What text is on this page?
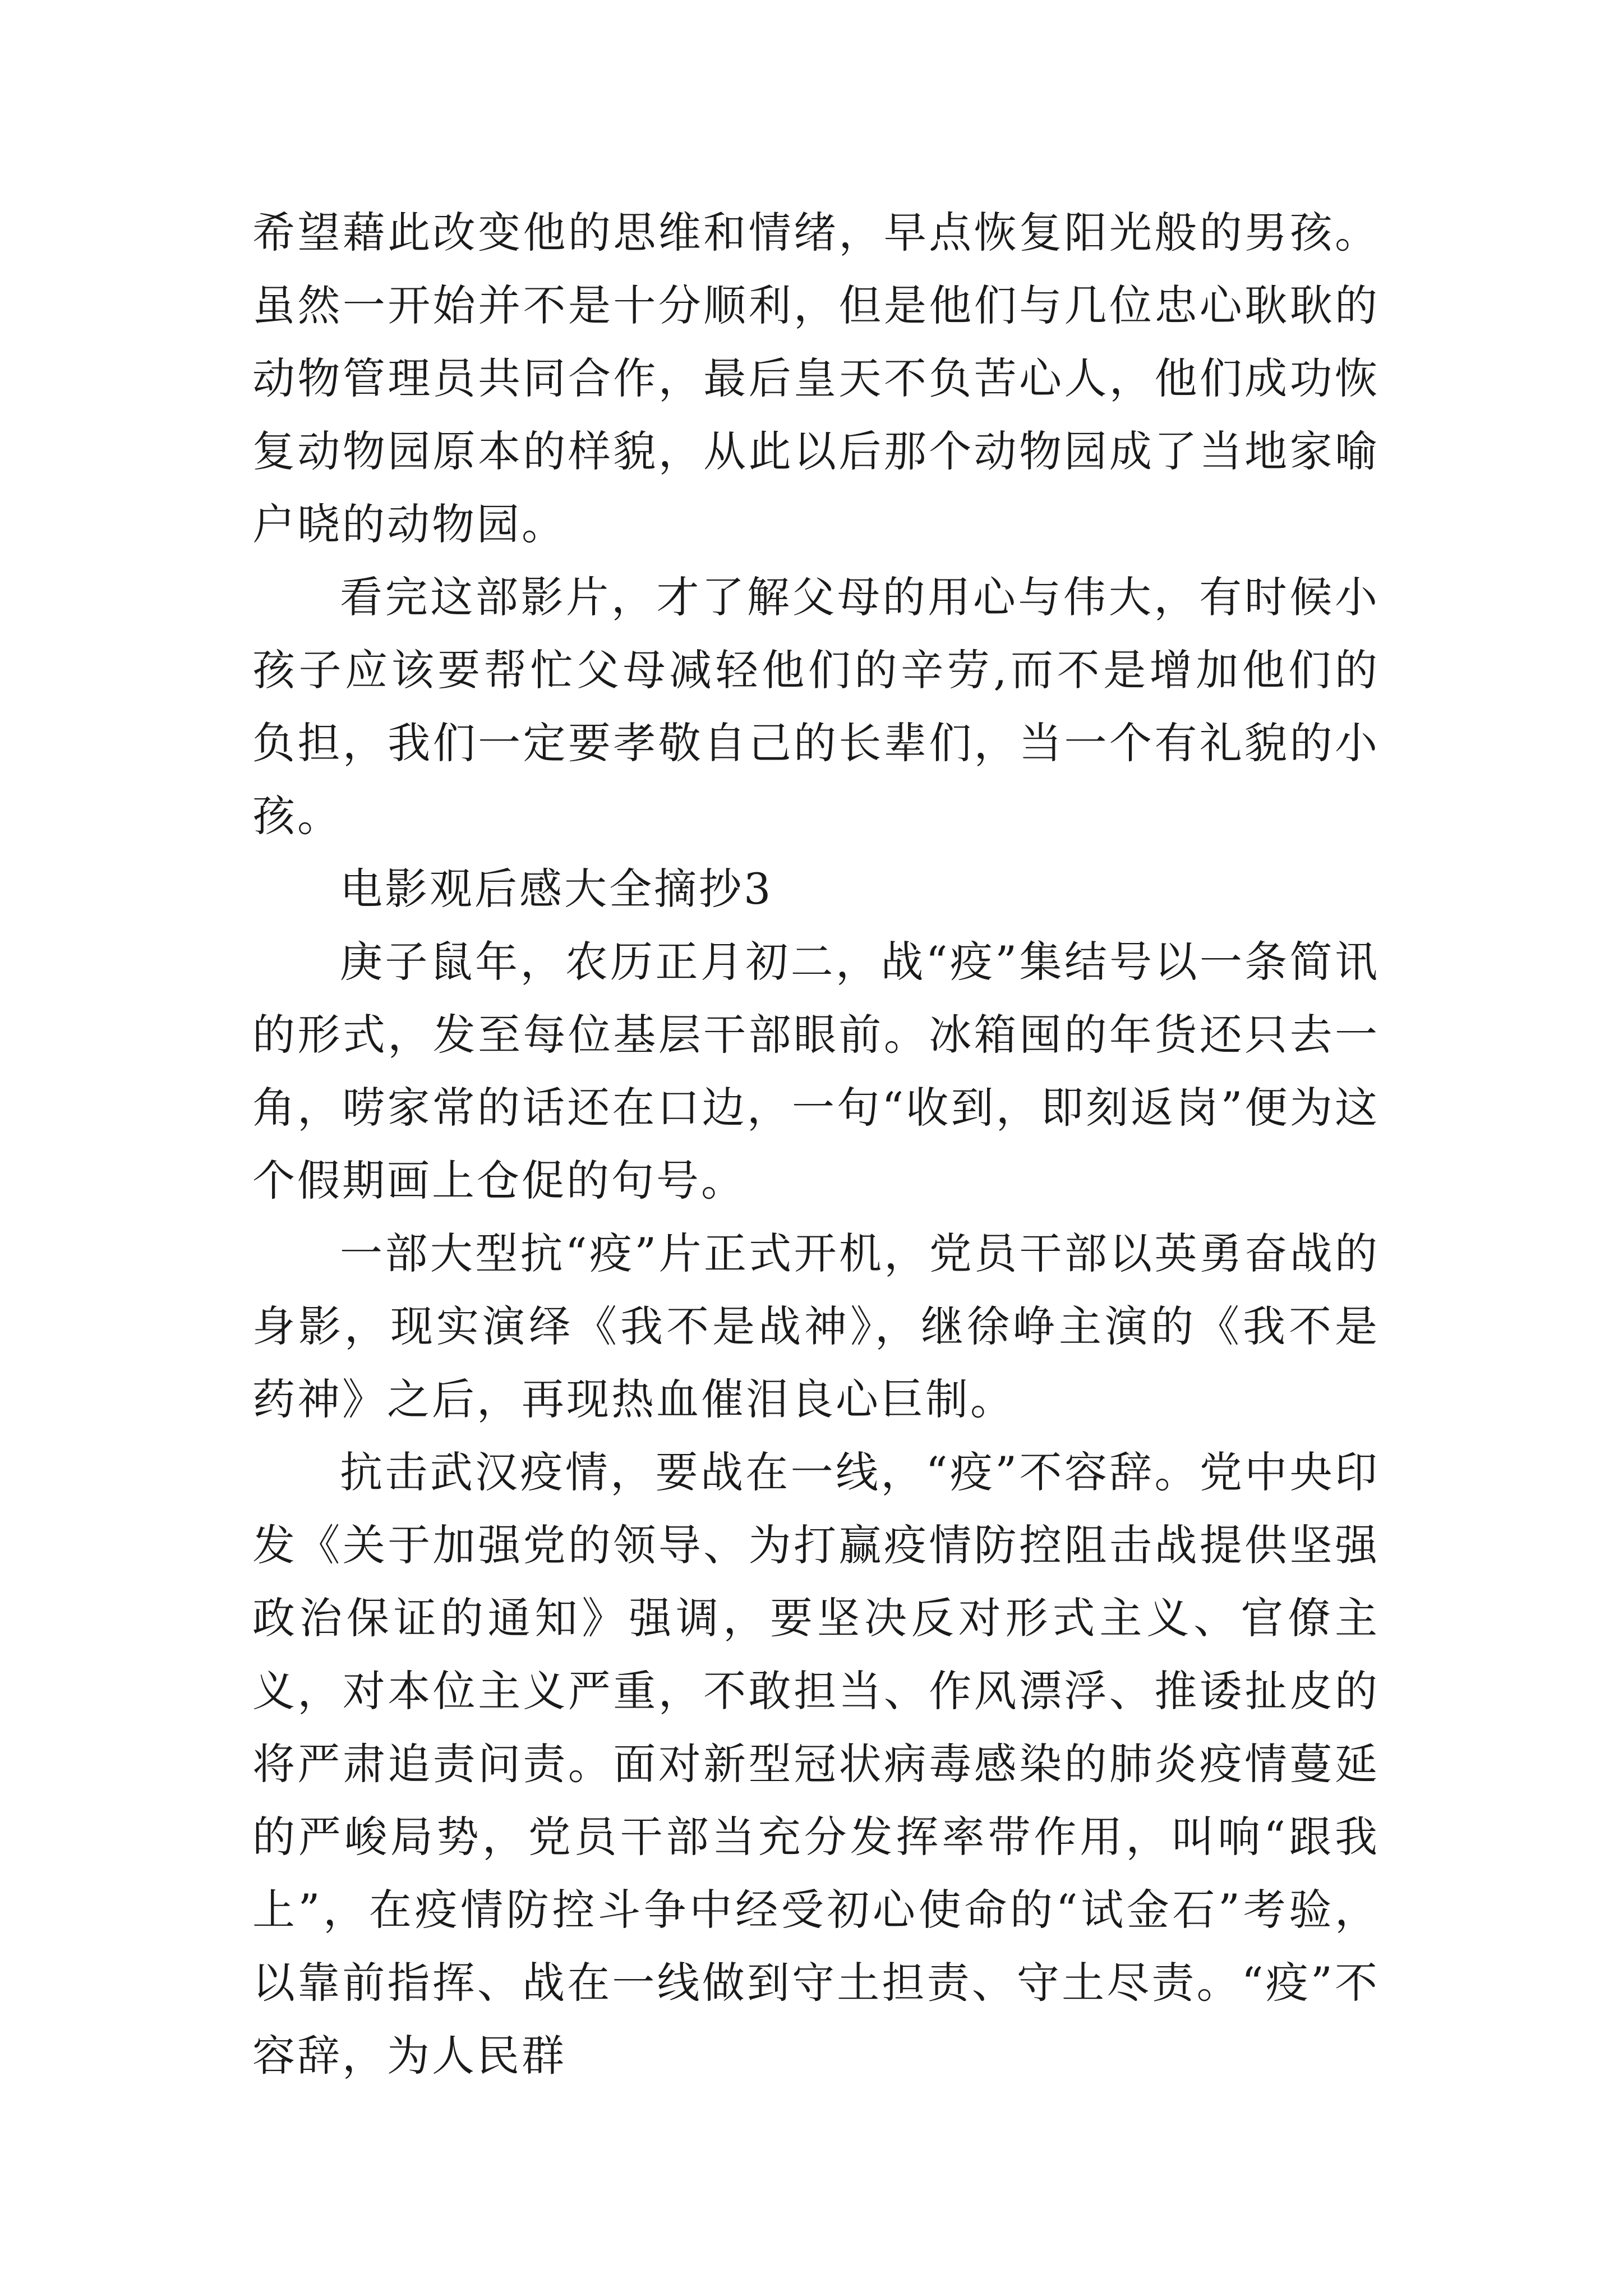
希望藉此改变他的思维和情绪，早点恢复阳光般的男孩。虽然一开始并不是十分顺利，但是他们与几位忠心耿耿的动物管理员共同合作，最后皇天不负苦心人，他们成功恢复动物园原本的样貌，从此以后那个动物园成了当地家喻户晓的动物园。

看完这部影片，才了解父母的用心与伟大，有时候小孩子应该要帮忙父母减轻他们的辛劳,而不是增加他们的负担，我们一定要孝敬自己的长辈们，当一个有礼貌的小孩。

电影观后感大全摘抄3

庚子鼠年，农历正月初二，战“疫”集结号以一条简讯的形式，发至每位基层干部眼前。冰箱囤的年货还只去一角，唠家常的话还在口边，一句“收到，即刻返岗”便为这个假期画上仓促的句号。

一部大型抗“疫”片正式开机，党员干部以英勇奋战的身影，现实演绎《我不是战神》，继徐峥主演的《我不是药神》之后，再现热血催泪良心巨制。

抗击武汉疫情，要战在一线，“疫”不容辞。党中央印发《关于加强党的领导、为打赢疫情防控阻击战提供坚强政治保证的通知》强调，要坚决反对形式主义、官僚主义，对本位主义严重，不敢担当、作风漂浮、推诿扯皮的将严肃追责问责。面对新型冠状病毒感染的肺炎疫情蔓延的严峻局势，党员干部当充分发挥率带作用，叫响“跟我上”，在疫情防控斗争中经受初心使命的“试金石”考验，以靠前指挥、战在一线做到守土担责、守土尽责。“疫”不容辞，为人民群
